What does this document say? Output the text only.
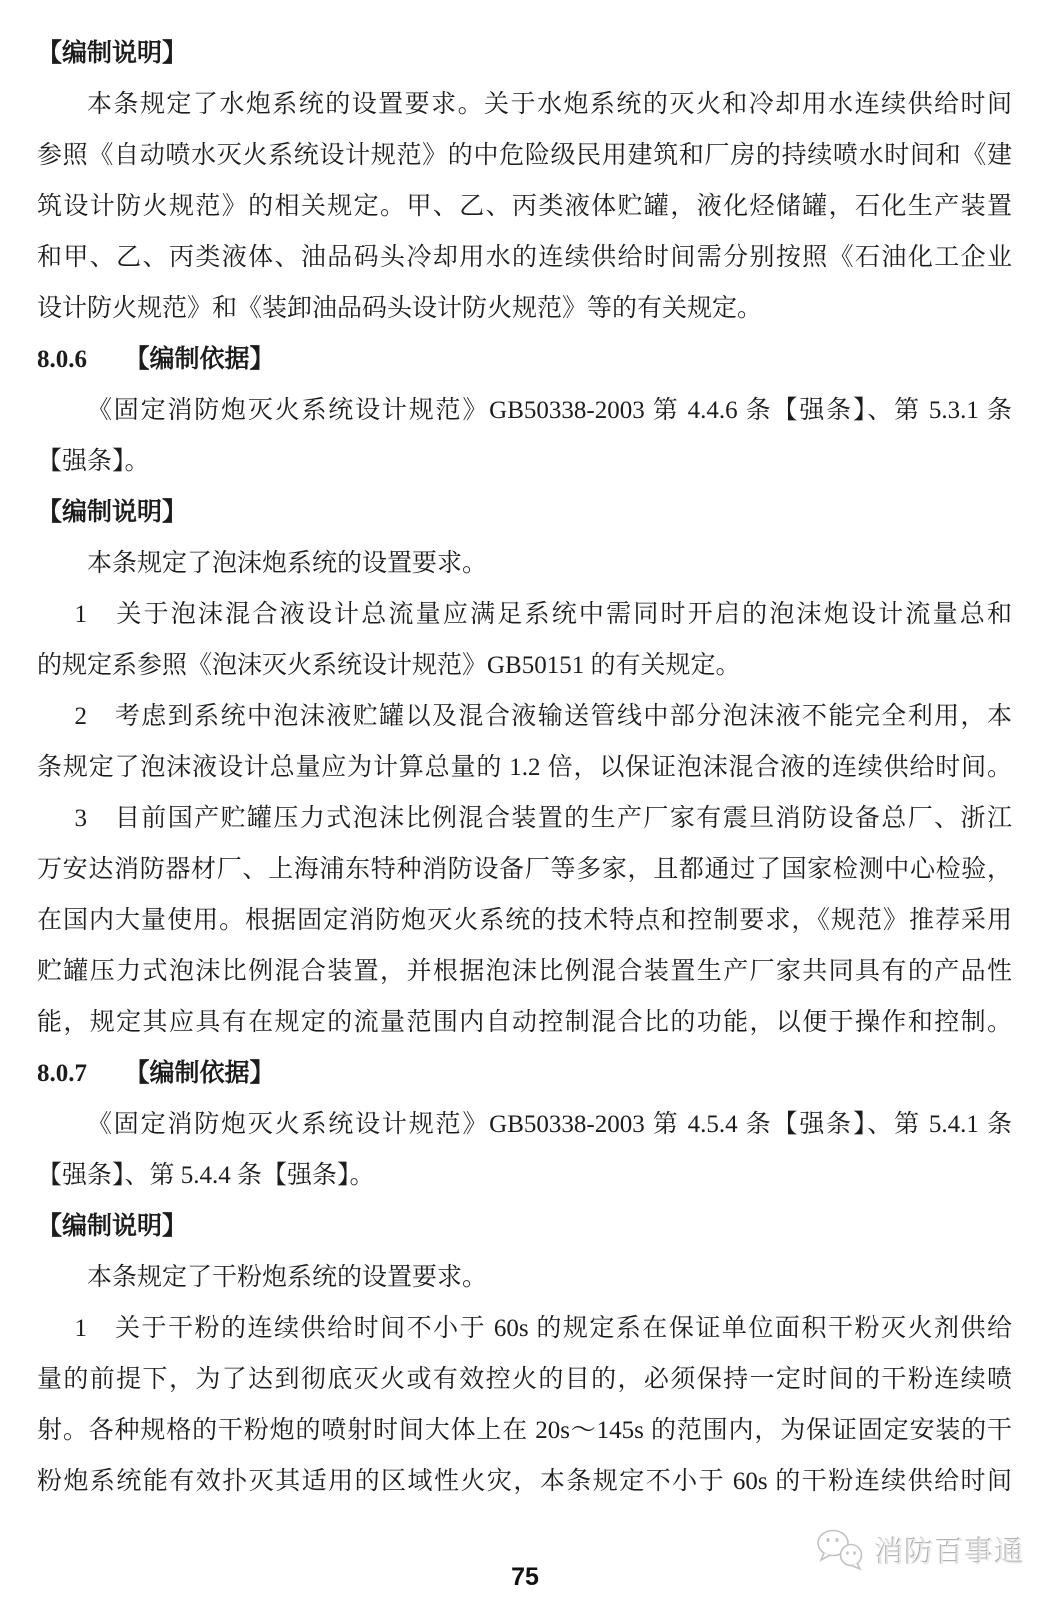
【编制说明】
本条规定了水炮系统的设置要求。关于水炮系统的灭火和冷却用水连续供给时间
参照《自动喷水灭火系统设计规范》的中危险级民用建筑和厂房的持续喷水时间和《建
筑设计防火规范》的相关规定。甲、乙、丙类液体贮罐，液化烃储罐，石化生产装置
和甲、乙、丙类液体、油品码头冷却用水的连续供给时间需分别按照《石油化工企业
设计防火规范》和《装卸油品码头设计防火规范》等的有关规定。
8.0.6　　【编制依据】
《固定消防炮灭火系统设计规范》GB50338-2003 第 4.4.6 条【强条】、第 5.3.1 条
【强条】。
【编制说明】
本条规定了泡沫炮系统的设置要求。
1　关于泡沫混合液设计总流量应满足系统中需同时开启的泡沫炮设计流量总和
的规定系参照《泡沫灭火系统设计规范》GB50151 的有关规定。
2　考虑到系统中泡沫液贮罐以及混合液输送管线中部分泡沫液不能完全利用，本
条规定了泡沫液设计总量应为计算总量的 1.2 倍，以保证泡沫混合液的连续供给时间。
3　目前国产贮罐压力式泡沫比例混合装置的生产厂家有震旦消防设备总厂、浙江
万安达消防器材厂、上海浦东特种消防设备厂等多家，且都通过了国家检测中心检验，
在国内大量使用。根据固定消防炮灭火系统的技术特点和控制要求，《规范》推荐采用
贮罐压力式泡沫比例混合装置，并根据泡沫比例混合装置生产厂家共同具有的产品性
能，规定其应具有在规定的流量范围内自动控制混合比的功能，以便于操作和控制。
8.0.7　　【编制依据】
《固定消防炮灭火系统设计规范》GB50338-2003 第 4.5.4 条【强条】、第 5.4.1 条
【强条】、第 5.4.4 条【强条】。
【编制说明】
本条规定了干粉炮系统的设置要求。
1　关于干粉的连续供给时间不小于 60s 的规定系在保证单位面积干粉灭火剂供给
量的前提下，为了达到彻底灭火或有效控火的目的，必须保持一定时间的干粉连续喷
射。各种规格的干粉炮的喷射时间大体上在 20s～145s 的范围内，为保证固定安装的干
粉炮系统能有效扑灭其适用的区域性火灾，本条规定不小于 60s 的干粉连续供给时间
消防百事通
75
